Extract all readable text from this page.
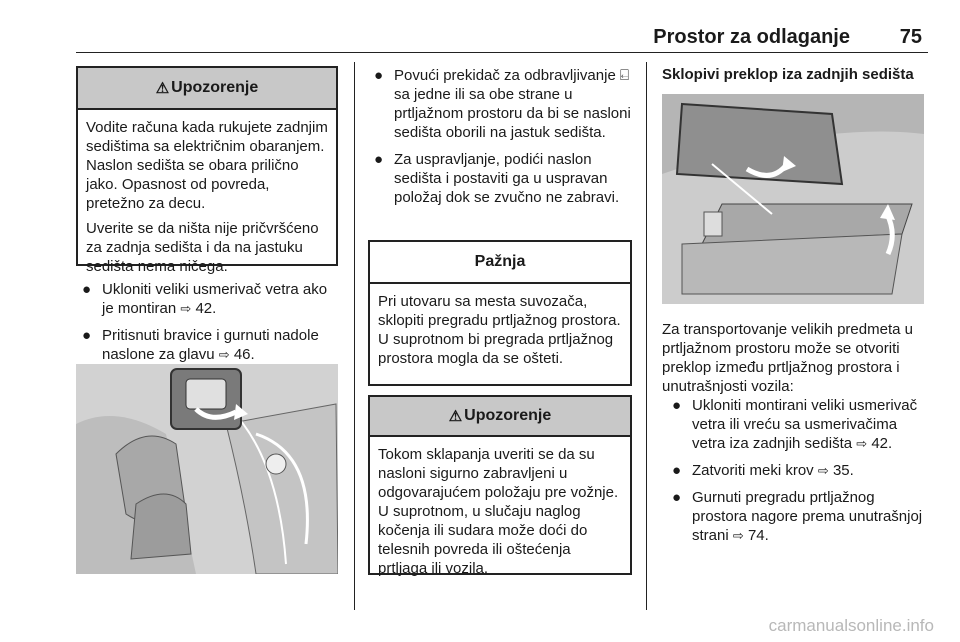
Prostor za odlaganje 75
⚠ Upozorenje

Vodite računa kada rukujete zadnjim sedištima sa električnim obaranjem. Naslon sedišta se obara prilično jako. Opasnost od povreda, pretežno za decu.

Uverite se da ništa nije pričvršćeno za zadnja sedišta i da na jastuku sedišta nema ničega.

● Ukloniti veliki usmerivač vetra ako je montiran ⇨ 42.
● Pritisnuti bravice i gurnuti nadole naslone za glavu ⇨ 46.
● Povući prekidač za odbravljivanje ⍇ sa jedne ili sa obe strane u prtljažnom prostoru da bi se nasloni sedišta oborili na jastuk sedišta.
● Za uspravljanje, podići naslon sedišta i postaviti ga u uspravan položaj dok se zvučno ne zabravi.
Pažnja

Pri utovaru sa mesta suvozača, sklopiti pregradu prtljažnog prostora. U suprotnom bi pregrada prtljažnog prostora mogla da se ošteti.

⚠ Upozorenje

Tokom sklapanja uveriti se da su nasloni sigurno zabravljeni u odgovarajućem položaju pre vožnje. U suprotnom, u slučaju naglog kočenja ili sudara može doći do telesnih povreda ili oštećenja prtljaga ili vozila.

Sklopivi preklop iza zadnjih sedišta
Za transportovanje velikih predmeta u prtljažnom prostoru može se otvoriti preklop između prtljažnog prostora i unutrašnjosti vozila:
● Ukloniti montirani veliki usmerivač vetra ili vreću sa usmerivačima vetra iza zadnjih sedišta ⇨ 42.
● Zatvoriti meki krov ⇨ 35.
● Gurnuti pregradu prtljažnog prostora nagore prema unutrašnjoj strani ⇨ 74.
carmanualsonline.info
